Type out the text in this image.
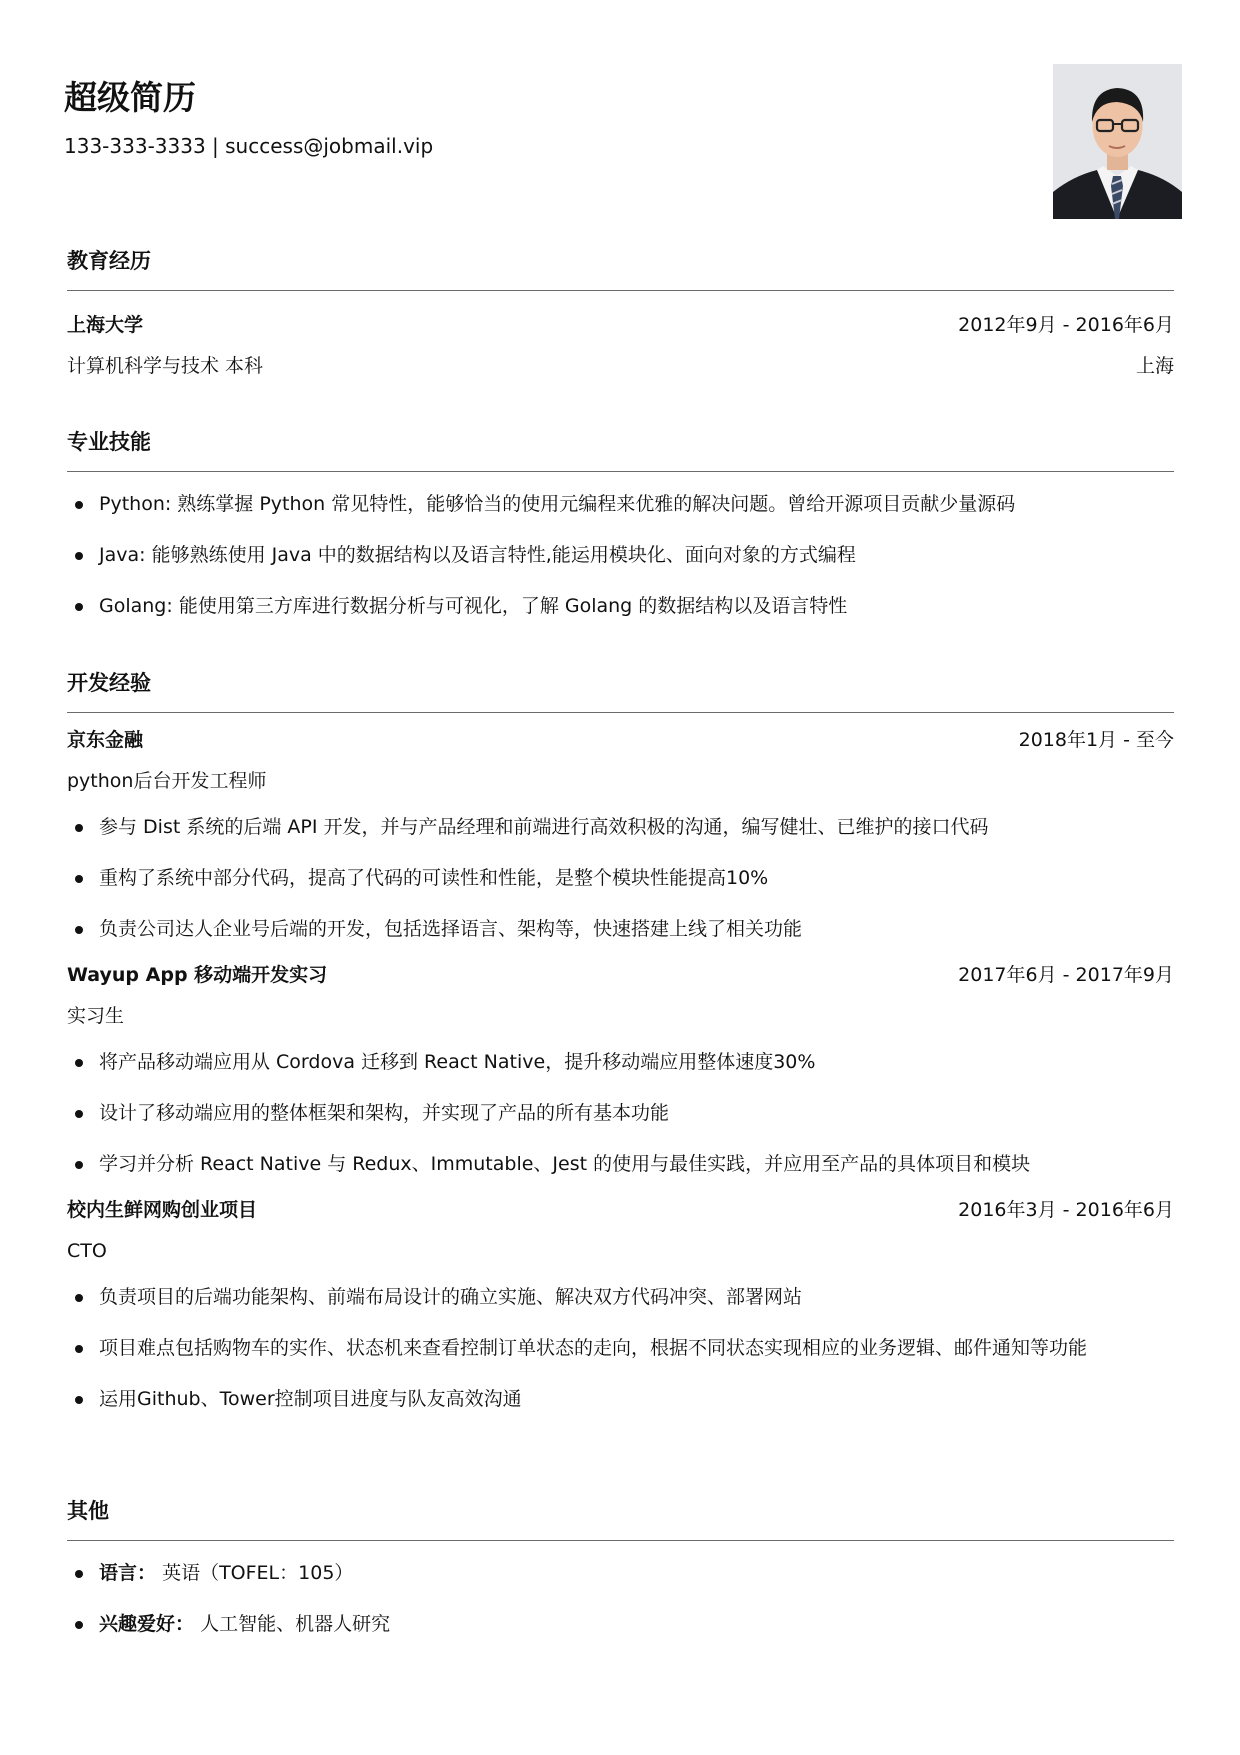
超级简历
133-333-3333 | success@jobmail.vip
教育经历
上海大学	2012年9月 - 2016年6月
计算机科学与技术 本科	上海
专业技能
Python: 熟练掌握 Python 常见特性，能够恰当的使用元编程来优雅的解决问题。曾给开源项目贡献少量源码
Java: 能够熟练使用 Java 中的数据结构以及语言特性,能运用模块化、面向对象的方式编程
Golang: 能使用第三方库进行数据分析与可视化，了解 Golang 的数据结构以及语言特性
开发经验
京东金融	2018年1月 - 至今
python后台开发工程师
参与 Dist 系统的后端 API 开发，并与产品经理和前端进行高效积极的沟通，编写健壮、已维护的接口代码
重构了系统中部分代码，提高了代码的可读性和性能，是整个模块性能提高10%
负责公司达人企业号后端的开发，包括选择语言、架构等，快速搭建上线了相关功能
Wayup App 移动端开发实习	2017年6月 - 2017年9月
实习生
将产品移动端应用从 Cordova 迁移到 React Native，提升移动端应用整体速度30%
设计了移动端应用的整体框架和架构，并实现了产品的所有基本功能
学习并分析 React Native 与 Redux、Immutable、Jest 的使用与最佳实践，并应用至产品的具体项目和模块
校内生鲜网购创业项目	2016年3月 - 2016年6月
CTO
负责项目的后端功能架构、前端布局设计的确立实施、解决双方代码冲突、部署网站
项目难点包括购物车的实作、状态机来查看控制订单状态的走向，根据不同状态实现相应的业务逻辑、邮件通知等功能
运用Github、Tower控制项目进度与队友高效沟通
其他
语言： 英语（TOFEL：105）
兴趣爱好： 人工智能、机器人研究
